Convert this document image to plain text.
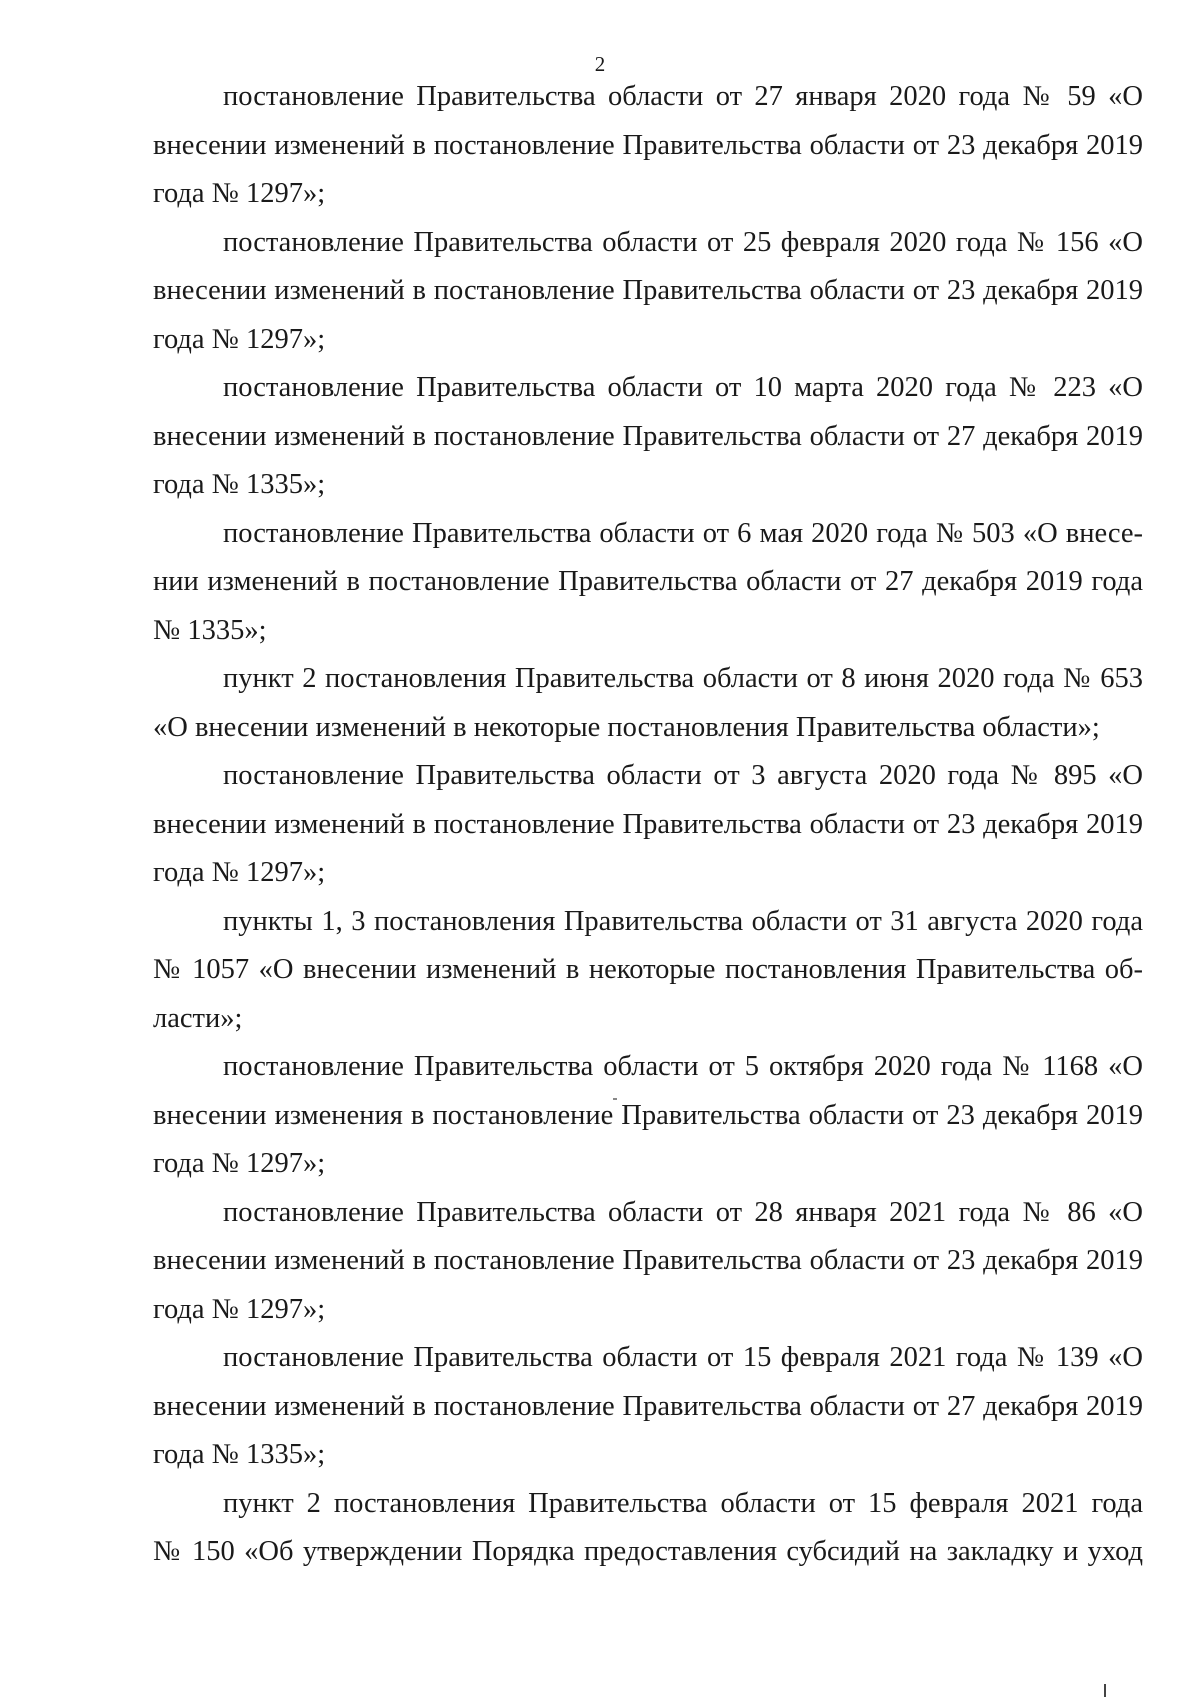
2
постановление Правительства области от 27 января 2020 года № 59 «О
внесении изменений в постановление Правительства области от 23 декабря 2019
года № 1297»;
постановление Правительства области от 25 февраля 2020 года № 156 «О
внесении изменений в постановление Правительства области от 23 декабря 2019
года № 1297»;
постановление Правительства области от 10 марта 2020 года № 223 «О
внесении изменений в постановление Правительства области от 27 декабря 2019
года № 1335»;
постановление Правительства области от 6 мая 2020 года № 503 «О внесе-
нии изменений в постановление Правительства области от 27 декабря 2019 года
№ 1335»;
пункт 2 постановления Правительства области от 8 июня 2020 года № 653
«О внесении изменений в некоторые постановления Правительства области»;
постановление Правительства области от 3 августа 2020 года № 895 «О
внесении изменений в постановление Правительства области от 23 декабря 2019
года № 1297»;
пункты 1, 3 постановления Правительства области от 31 августа 2020 года
№ 1057 «О внесении изменений в некоторые постановления Правительства об-
ласти»;
постановление Правительства области от 5 октября 2020 года № 1168 «О
внесении изменения в постановление Правительства области от 23 декабря 2019
года № 1297»;
постановление Правительства области от 28 января 2021 года № 86 «О
внесении изменений в постановление Правительства области от 23 декабря 2019
года № 1297»;
постановление Правительства области от 15 февраля 2021 года № 139 «О
внесении изменений в постановление Правительства области от 27 декабря 2019
года № 1335»;
пункт 2 постановления Правительства области от 15 февраля 2021 года
№ 150 «Об утверждении Порядка предоставления субсидий на закладку и уход
